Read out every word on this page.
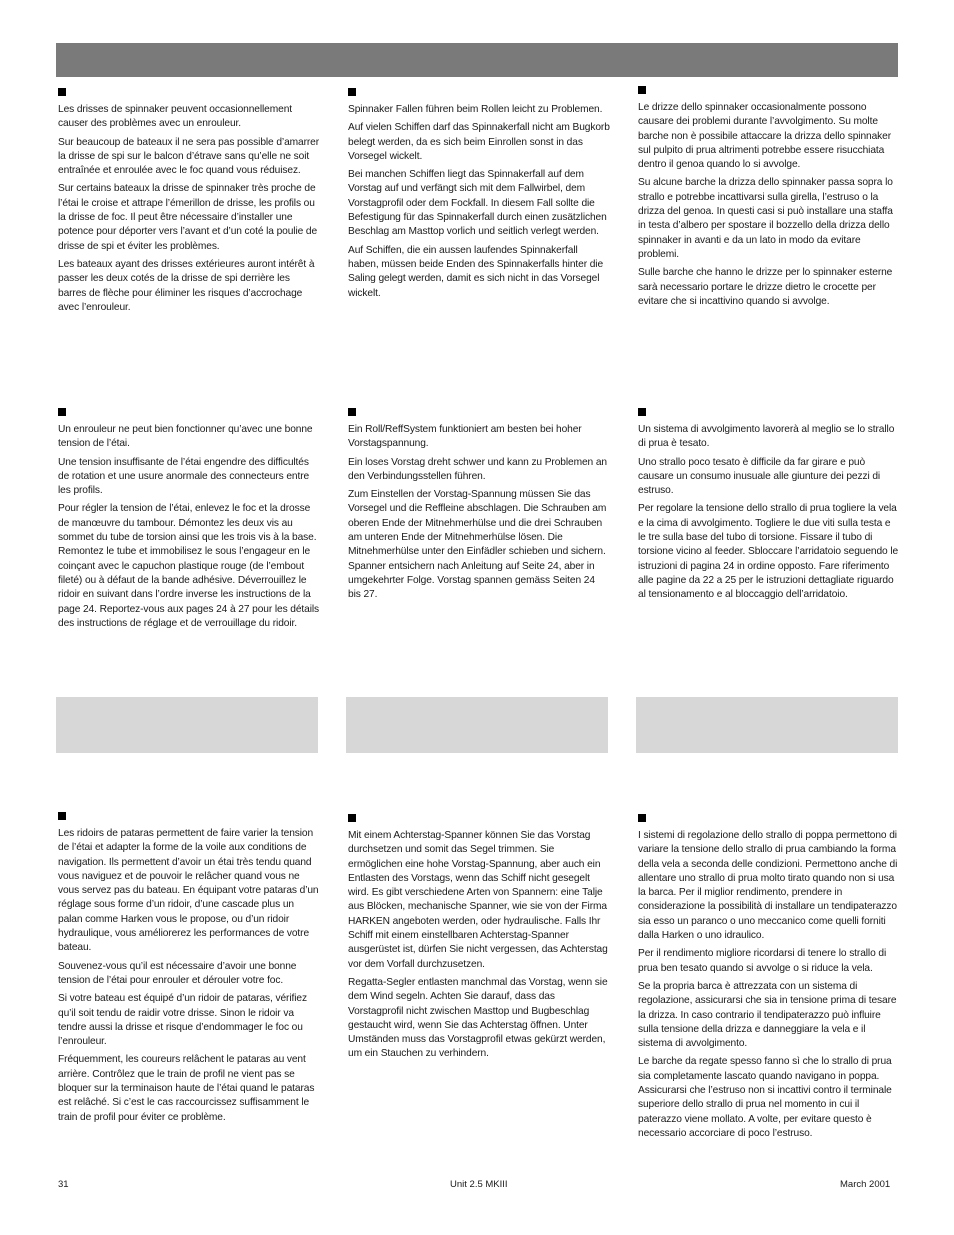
Les drisses de spinnaker peuvent occasionnellement causer des problèmes avec un enrouleur.

Sur beaucoup de bateaux il ne sera pas possible d’amarrer la drisse de spi sur le balcon d’étrave sans qu’elle ne soit entraînée et enroulée avec le foc quand vous réduisez.

Sur certains bateaux la drisse de spinnaker très proche de l’étai le croise et attrape l’émerillon de drisse, les profils ou la drisse de foc. Il peut être nécessaire d’installer une potence pour déporter vers l’avant et d’un coté la poulie de drisse de spi et éviter les problèmes.

Les bateaux ayant des drisses extérieures auront intérêt à passer les deux cotés de la drisse de spi derrière les barres de flèche pour éliminer les risques d’accrochage avec l’enrouleur.

Spinnaker Fallen führen beim Rollen leicht zu Problemen.

Auf vielen Schiffen darf das Spinnakerfall nicht am Bugkorb belegt werden, da es sich beim Einrollen sonst in das Vorsegel wickelt.

Bei manchen Schiffen liegt das Spinnakerfall auf dem Vorstag auf und verfängt sich mit dem Fallwirbel, dem Vorstagprofil oder dem Fockfall. In diesem Fall sollte die Befestigung für das Spinnakerfall durch einen zusätzlichen Beschlag am Masttop vorlich und seitlich verlegt werden.

Auf Schiffen, die ein aussen laufendes Spinnakerfall haben, müssen beide Enden des Spinnakerfalls hinter die Saling gelegt werden, damit es sich nicht in das Vorsegel wickelt.

Le drizze dello spinnaker occasionalmente possono causare dei problemi durante l’avvolgimento. Su molte barche non è possibile attaccare la drizza dello spinnaker sul pulpito di prua altrimenti potrebbe essere risucchiata dentro il genoa quando lo si avvolge.

Su alcune barche la drizza dello spinnaker passa sopra lo strallo e potrebbe incattivarsi sulla girella, l’estruso o la drizza del genoa. In questi casi si può installare una staffa in testa d’albero per spostare il bozzello della drizza dello spinnaker in avanti e da un lato in modo da evitare problemi.

Sulle barche che hanno le drizze per lo spinnaker esterne sarà necessario portare le drizze dietro le crocette per evitare che si incattivino quando si avvolge.

Un enrouleur ne peut bien fonctionner qu’avec une bonne tension de l’étai.

Une tension insuffisante de l’étai engendre des difficultés de rotation et une usure anormale des connecteurs entre les profils.

Pour régler la tension de l’étai, enlevez le foc et la drosse de manœuvre du tambour. Démontez les deux vis au sommet du tube de torsion ainsi que les trois vis à la base. Remontez le tube et immobilisez le sous l’engageur en le coinçant avec le capuchon plastique rouge (de l’embout fileté) ou à défaut de la bande adhésive. Déverrouillez le ridoir en suivant dans l’ordre inverse les instructions de la page 24. Reportez-vous aux pages 24 à 27 pour les détails des instructions de réglage et de verrouillage du ridoir.

Ein Roll/ReffSystem funktioniert am besten bei hoher Vorstagspannung.

Ein loses Vorstag dreht schwer und kann zu Problemen an den Verbindungsstellen führen.

Zum Einstellen der Vorstag-Spannung müssen Sie das Vorsegel und die Reffleine abschlagen. Die Schrauben am oberen Ende der Mitnehmerhülse und die drei Schrauben am unteren Ende der Mitnehmerhülse lösen. Die Mitnehmerhülse unter den Einfädler schieben und sichern. Spanner entsichern nach Anleitung auf Seite 24, aber in umgekehrter Folge. Vorstag spannen gemäss Seiten 24 bis 27.

Un sistema di avvolgimento lavorerà al meglio se lo strallo di prua è tesato.

Uno strallo poco tesato è difficile da far girare e può causare un consumo inusuale alle giunture dei pezzi di estruso.

Per regolare la tensione dello strallo di prua togliere la vela e la cima di avvolgimento. Togliere le due viti sulla testa e le tre sulla base del tubo di torsione. Fissare il tubo di torsione vicino al feeder. Sbloccare l’arridatoio seguendo le istruzioni di pagina 24 in ordine opposto. Fare riferimento alle pagine da 22 a 25 per le istruzioni dettagliate riguardo al tensionamento e al bloccaggio dell’arridatoio.

Les ridoirs de pataras permettent de faire varier la tension de l’étai et adapter la forme de la voile aux conditions de navigation. Ils permettent d’avoir un étai très tendu quand vous naviguez et de pouvoir le relâcher quand vous ne vous servez pas du bateau. En équipant votre pataras d’un réglage sous forme d’un ridoir, d’une cascade plus un palan comme Harken vous le propose, ou d’un ridoir hydraulique, vous améliorerez les performances de votre bateau.

Souvenez-vous qu’il est nécessaire d’avoir une bonne tension de l’étai pour enrouler et dérouler votre foc.

Si votre bateau est équipé d’un ridoir de pataras, vérifiez qu’il soit tendu de raidir votre drisse. Sinon le ridoir va tendre aussi la drisse et risque d’endommager le foc ou l’enrouleur.

Fréquemment, les coureurs relâchent le pataras au vent arrière. Contrôlez que le train de profil ne vient pas se bloquer sur la terminaison haute de l’étai quand le pataras est relâché. Si c’est le cas raccourcissez suffisamment le train de profil pour éviter ce problème.

Mit einem Achterstag-Spanner können Sie das Vorstag durchsetzen und somit das Segel trimmen. Sie ermöglichen eine hohe Vorstag-Spannung, aber auch ein Entlasten des Vorstags, wenn das Schiff nicht gesegelt wird. Es gibt verschiedene Arten von Spannern: eine Talje aus Blöcken, mechanische Spanner, wie sie von der Firma HARKEN angeboten werden, oder hydraulische. Falls Ihr Schiff mit einem einstellbaren Achterstag-Spanner ausgerüstet ist, dürfen Sie nicht vergessen, das Achterstag vor dem Vorfall durchzusetzen.

Regatta-Segler entlasten manchmal das Vorstag, wenn sie dem Wind segeln. Achten Sie darauf, dass das Vorstagprofil nicht zwischen Masttop und Bugbeschlag gestaucht wird, wenn Sie das Achterstag öffnen. Unter Umständen muss das Vorstagprofil etwas gekürzt werden, um ein Stauchen zu verhindern.

I sistemi di regolazione dello strallo di poppa permettono di variare la tensione dello strallo di prua cambiando la forma della vela a seconda delle condizioni. Permettono anche di allentare uno strallo di prua molto tirato quando non si usa la barca. Per il miglior rendimento, prendere in considerazione la possibilità di installare un tendipaterazzo sia esso un paranco o uno meccanico come quelli forniti dalla Harken o uno idraulico.

Per il rendimento migliore ricordarsi di tenere lo strallo di prua ben tesato quando si avvolge o si riduce la vela.

Se la propria barca è attrezzata con un sistema di regolazione, assicurarsi che sia in tensione prima di tesare la drizza. In caso contrario il tendipaterazzo può influire sulla tensione della drizza e danneggiare la vela e il sistema di avvolgimento.

Le barche da regate spesso fanno sì che lo strallo di prua sia completamente lascato quando navigano in poppa. Assicurarsi che l’estruso non si incattivi contro il terminale superiore dello strallo di prua nel momento in cui il paterazzo viene mollato. A volte, per evitare questo è necessario accorciare di poco l’estruso.

31	Unit 2.5 MKIII	March 2001
